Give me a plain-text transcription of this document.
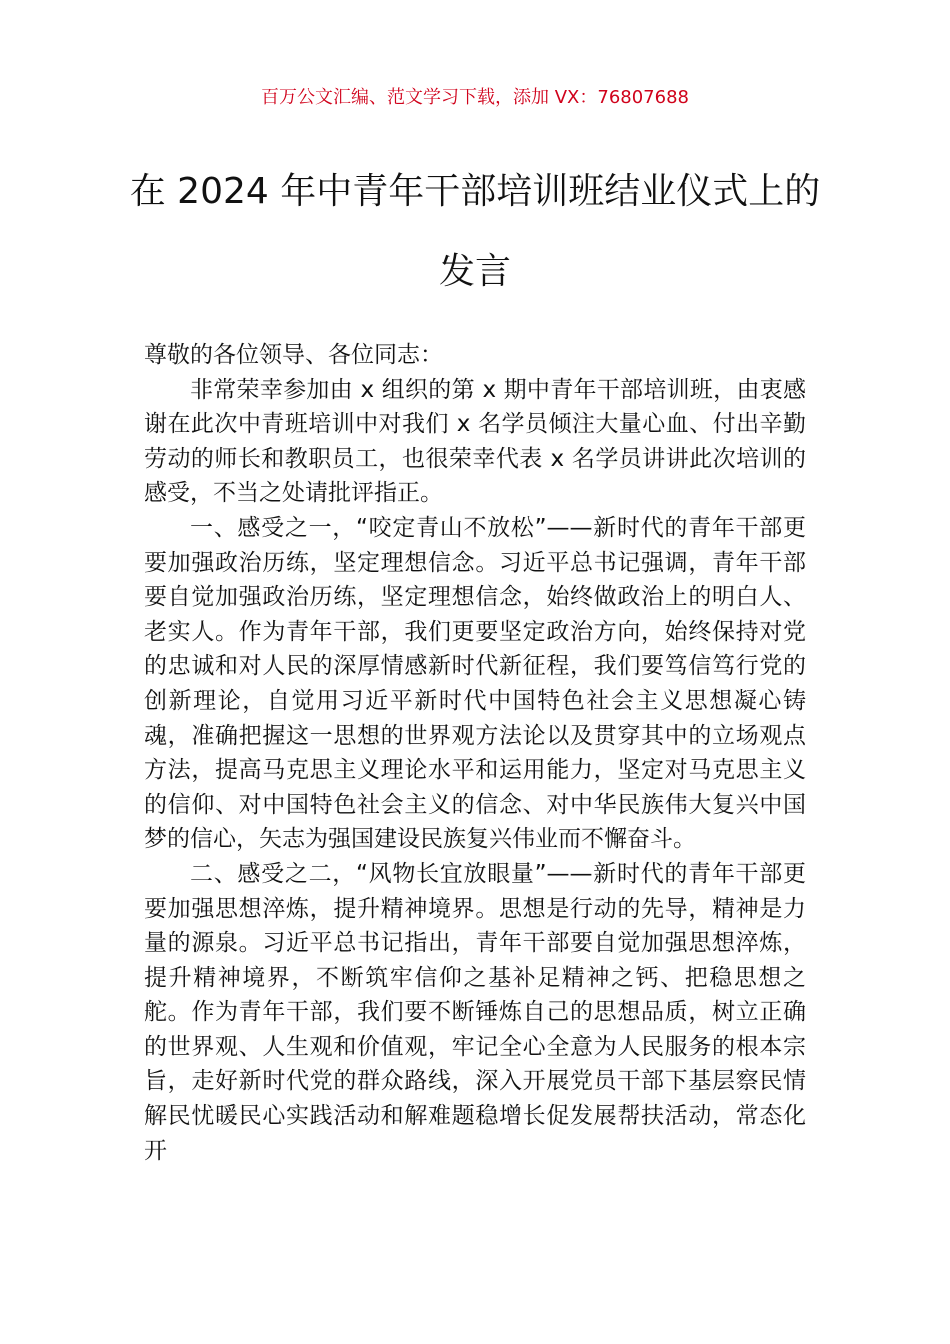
百万公文汇编、范文学习下载，添加 VX：76807688
在 2024 年中青年干部培训班结业仪式上的
发言

尊敬的各位领导、各位同志：

非常荣幸参加由 x 组织的第 x 期中青年干部培训班，由衷感谢在此次中青班培训中对我们 x 名学员倾注大量心血、付出辛勤劳动的师长和教职员工，也很荣幸代表 x 名学员讲讲此次培训的感受，不当之处请批评指正。

一、感受之一，“咬定青山不放松”——新时代的青年干部更要加强政治历练，坚定理想信念。习近平总书记强调，青年干部要自觉加强政治历练，坚定理想信念，始终做政治上的明白人、老实人。作为青年干部，我们更要坚定政治方向，始终保持对党的忠诚和对人民的深厚情感新时代新征程，我们要笃信笃行党的创新理论，自觉用习近平新时代中国特色社会主义思想凝心铸魂，准确把握这一思想的世界观方法论以及贯穿其中的立场观点方法，提高马克思主义理论水平和运用能力，坚定对马克思主义的信仰、对中国特色社会主义的信念、对中华民族伟大复兴中国梦的信心，矢志为强国建设民族复兴伟业而不懈奋斗。

二、感受之二，“风物长宜放眼量”——新时代的青年干部更要加强思想淬炼，提升精神境界。思想是行动的先导，精神是力量的源泉。习近平总书记指出，青年干部要自觉加强思想淬炼，提升精神境界，不断筑牢信仰之基补足精神之钙、把稳思想之舵。作为青年干部，我们要不断锤炼自己的思想品质，树立正确的世界观、人生观和价值观，牢记全心全意为人民服务的根本宗旨，走好新时代党的群众路线，深入开展党员干部下基层察民情解民忧暖民心实践活动和解难题稳增长促发展帮扶活动，常态化开
